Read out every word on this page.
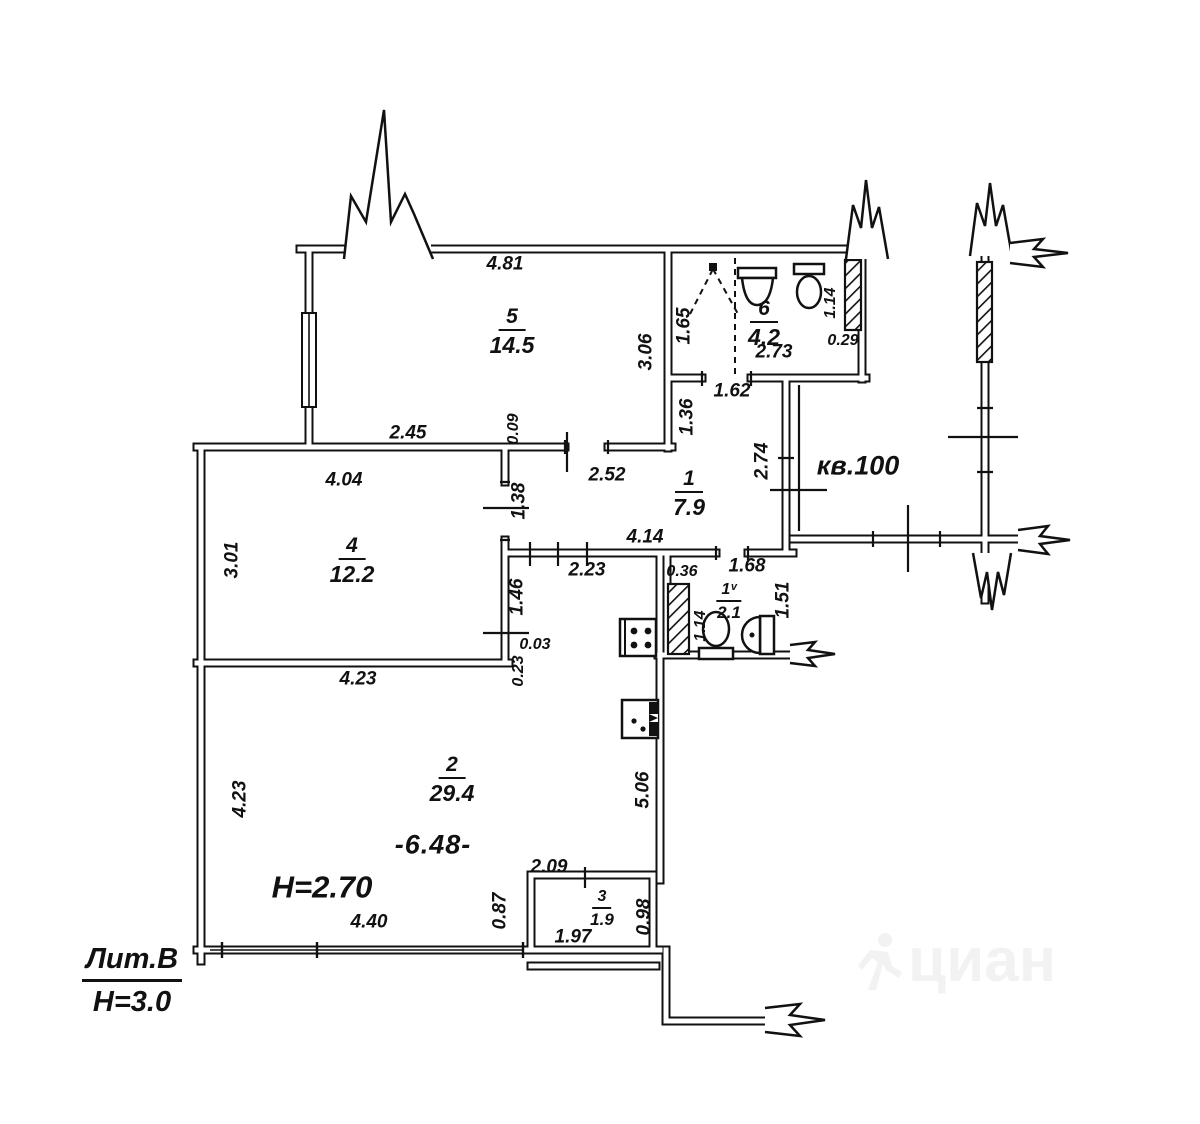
4.81
2.45
3.06
0.09
1.65
2.73
1.14
0.29
1.62
1.36
2.52	2.74
4.14
4.04
3.01
1.38
4.23
1.46
0.03
0.23
2.23	0.36 1.68
1.51
1.14
4.23	5.06
4.40	0.87
2.09
1.97
0.98
5
14.5
6
4.2
1
7.9
4
12.2
1ᵛ
2.1
2
29.4
3
1.9
кв.100
H=2.70
-6.48-
Лит.В
Н=3.0
циан
